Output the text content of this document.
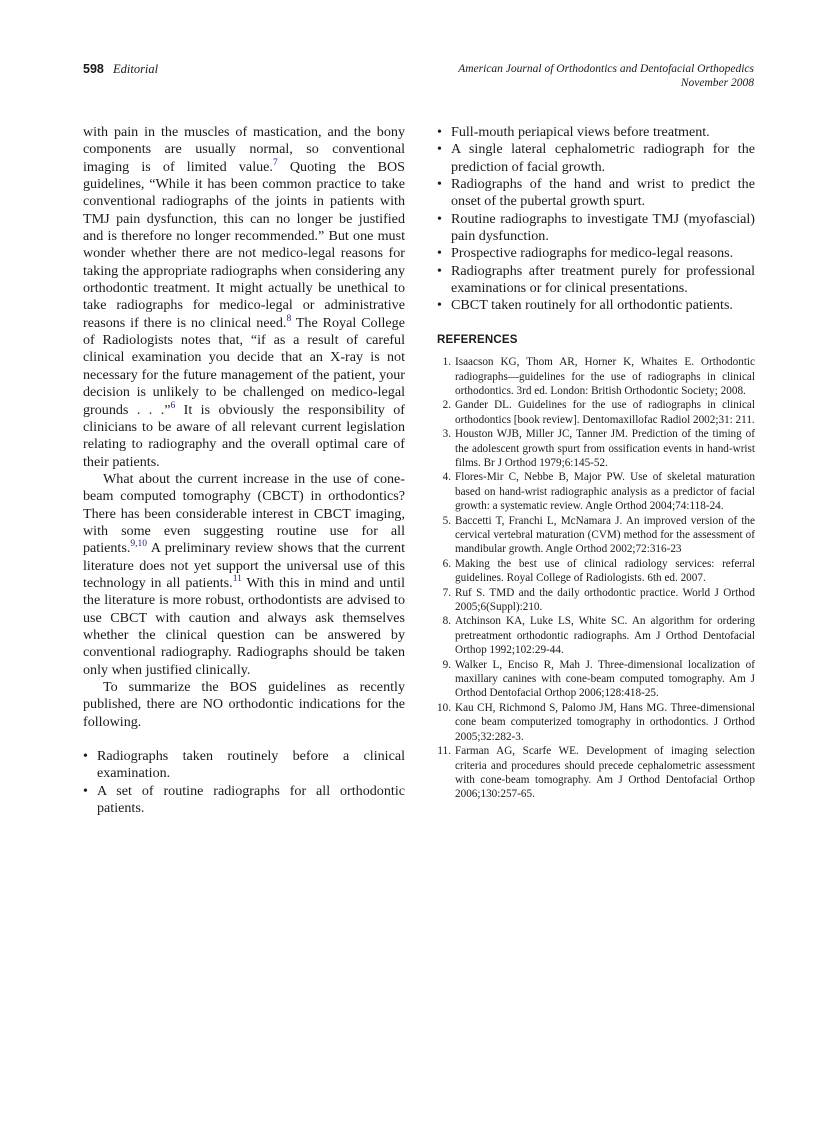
598 Editorial	American Journal of Orthodontics and Dentofacial Orthopedics
November 2008

with pain in the muscles of mastication, and the bony components are usually normal, so conventional imaging is of limited value.$^7$ Quoting the BOS guidelines, “While it has been common practice to take conventional radiographs of the joints in patients with TMJ pain dysfunction, this can no longer be justified and is therefore no longer recommended.” But one must wonder whether there are not medico-legal reasons for taking the appropriate radiographs when considering any orthodontic treatment. It might actually be unethical to take radiographs for medico-legal or administrative reasons if there is no clinical need.$^8$ The Royal College of Radiologists notes that, “if as a result of careful clinical examination you decide that an X-ray is not necessary for the future management of the patient, your decision is unlikely to be challenged on medico-legal grounds . . .”$^6$ It is obviously the responsibility of clinicians to be aware of all relevant current legislation relating to radiography and the overall optimal care of their patients.

What about the current increase in the use of cone-beam computed tomography (CBCT) in orthodontics? There has been considerable interest in CBCT imaging, with some even suggesting routine use for all patients.$^{9,10}$ A preliminary review shows that the current literature does not yet support the universal use of this technology in all patients.$^{11}$ With this in mind and until the literature is more robust, orthodontists are advised to use CBCT with caution and always ask themselves whether the clinical question can be answered by conventional radiography. Radiographs should be taken only when justified clinically.

To summarize the BOS guidelines as recently published, there are NO orthodontic indications for the following.

• Radiographs taken routinely before a clinical examination.
• A set of routine radiographs for all orthodontic patients.
• Full-mouth periapical views before treatment.
• A single lateral cephalometric radiograph for the prediction of facial growth.
• Radiographs of the hand and wrist to predict the onset of the pubertal growth spurt.
• Routine radiographs to investigate TMJ (myofascial) pain dysfunction.
• Prospective radiographs for medico-legal reasons.
• Radiographs after treatment purely for professional examinations or for clinical presentations.
• CBCT taken routinely for all orthodontic patients.
REFERENCES
1. Isaacson KG, Thom AR, Horner K, Whaites E. Orthodontic radiographs—guidelines for the use of radiographs in clinical orthodontics. 3rd ed. London: British Orthodontic Society; 2008.
2. Gander DL. Guidelines for the use of radiographs in clinical orthodontics [book review]. Dentomaxillofac Radiol 2002;31: 211.
3. Houston WJB, Miller JC, Tanner JM. Prediction of the timing of the adolescent growth spurt from ossification events in hand-wrist films. Br J Orthod 1979;6:145-52.
4. Flores-Mir C, Nebbe B, Major PW. Use of skeletal maturation based on hand-wrist radiographic analysis as a predictor of facial growth: a systematic review. Angle Orthod 2004;74:118-24.
5. Baccetti T, Franchi L, McNamara J. An improved version of the cervical vertebral maturation (CVM) method for the assessment of mandibular growth. Angle Orthod 2002;72:316-23
6. Making the best use of clinical radiology services: referral guidelines. Royal College of Radiologists. 6th ed. 2007.
7. Ruf S. TMD and the daily orthodontic practice. World J Orthod 2005;6(Suppl):210.
8. Atchinson KA, Luke LS, White SC. An algorithm for ordering pretreatment orthodontic radiographs. Am J Orthod Dentofacial Orthop 1992;102:29-44.
9. Walker L, Enciso R, Mah J. Three-dimensional localization of maxillary canines with cone-beam computed tomography. Am J Orthod Dentofacial Orthop 2006;128:418-25.
10. Kau CH, Richmond S, Palomo JM, Hans MG. Three-dimensional cone beam computerized tomography in orthodontics. J Orthod 2005;32:282-3.
11. Farman AG, Scarfe WE. Development of imaging selection criteria and procedures should precede cephalometric assessment with cone-beam tomography. Am J Orthod Dentofacial Orthop 2006;130:257-65.
